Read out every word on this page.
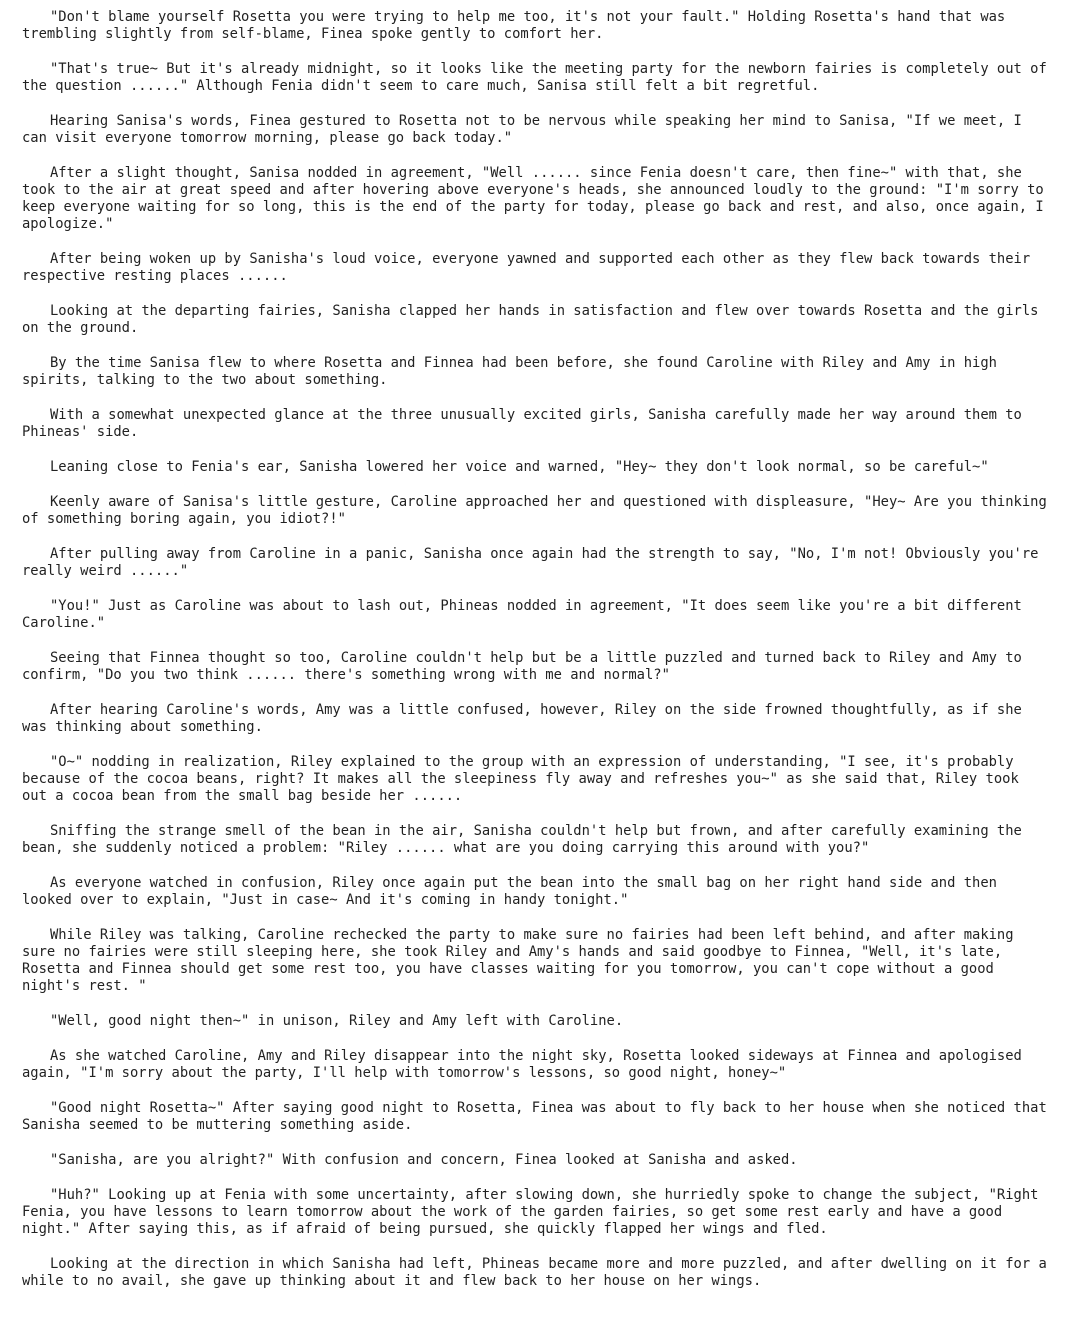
"Don't blame yourself Rosetta you were trying to help me too, it's not your fault." Holding Rosetta's hand that was
trembling slightly from self-blame, Finea spoke gently to comfort her.
"That's true~ But it's already midnight, so it looks like the meeting party for the newborn fairies is completely out of
the question ......" Although Fenia didn't seem to care much, Sanisa still felt a bit regretful.
Hearing Sanisa's words, Finea gestured to Rosetta not to be nervous while speaking her mind to Sanisa, "If we meet, I
can visit everyone tomorrow morning, please go back today."
After a slight thought, Sanisa nodded in agreement, "Well ...... since Fenia doesn't care, then fine~" with that, she
took to the air at great speed and after hovering above everyone's heads, she announced loudly to the ground: "I'm sorry to
keep everyone waiting for so long, this is the end of the party for today, please go back and rest, and also, once again, I
apologize."
After being woken up by Sanisha's loud voice, everyone yawned and supported each other as they flew back towards their
respective resting places ......
Looking at the departing fairies, Sanisha clapped her hands in satisfaction and flew over towards Rosetta and the girls
on the ground.
By the time Sanisa flew to where Rosetta and Finnea had been before, she found Caroline with Riley and Amy in high
spirits, talking to the two about something.
With a somewhat unexpected glance at the three unusually excited girls, Sanisha carefully made her way around them to
Phineas' side.
Leaning close to Fenia's ear, Sanisha lowered her voice and warned, "Hey~ they don't look normal, so be careful~"
Keenly aware of Sanisa's little gesture, Caroline approached her and questioned with displeasure, "Hey~ Are you thinking
of something boring again, you idiot?!"
After pulling away from Caroline in a panic, Sanisha once again had the strength to say, "No, I'm not! Obviously you're
really weird ......"
"You!" Just as Caroline was about to lash out, Phineas nodded in agreement, "It does seem like you're a bit different
Caroline."
Seeing that Finnea thought so too, Caroline couldn't help but be a little puzzled and turned back to Riley and Amy to
confirm, "Do you two think ...... there's something wrong with me and normal?"
After hearing Caroline's words, Amy was a little confused, however, Riley on the side frowned thoughtfully, as if she
was thinking about something.
"O~" nodding in realization, Riley explained to the group with an expression of understanding, "I see, it's probably
because of the cocoa beans, right? It makes all the sleepiness fly away and refreshes you~" as she said that, Riley took
out a cocoa bean from the small bag beside her ......
Sniffing the strange smell of the bean in the air, Sanisha couldn't help but frown, and after carefully examining the
bean, she suddenly noticed a problem: "Riley ...... what are you doing carrying this around with you?"
As everyone watched in confusion, Riley once again put the bean into the small bag on her right hand side and then
looked over to explain, "Just in case~ And it's coming in handy tonight."
While Riley was talking, Caroline rechecked the party to make sure no fairies had been left behind, and after making
sure no fairies were still sleeping here, she took Riley and Amy's hands and said goodbye to Finnea, "Well, it's late,
Rosetta and Finnea should get some rest too, you have classes waiting for you tomorrow, you can't cope without a good
night's rest. "
"Well, good night then~" in unison, Riley and Amy left with Caroline.
As she watched Caroline, Amy and Riley disappear into the night sky, Rosetta looked sideways at Finnea and apologised
again, "I'm sorry about the party, I'll help with tomorrow's lessons, so good night, honey~"
"Good night Rosetta~" After saying good night to Rosetta, Finea was about to fly back to her house when she noticed that
Sanisha seemed to be muttering something aside.
"Sanisha, are you alright?" With confusion and concern, Finea looked at Sanisha and asked.
"Huh?" Looking up at Fenia with some uncertainty, after slowing down, she hurriedly spoke to change the subject, "Right
Fenia, you have lessons to learn tomorrow about the work of the garden fairies, so get some rest early and have a good
night." After saying this, as if afraid of being pursued, she quickly flapped her wings and fled.
Looking at the direction in which Sanisha had left, Phineas became more and more puzzled, and after dwelling on it for a
while to no avail, she gave up thinking about it and flew back to her house on her wings.
